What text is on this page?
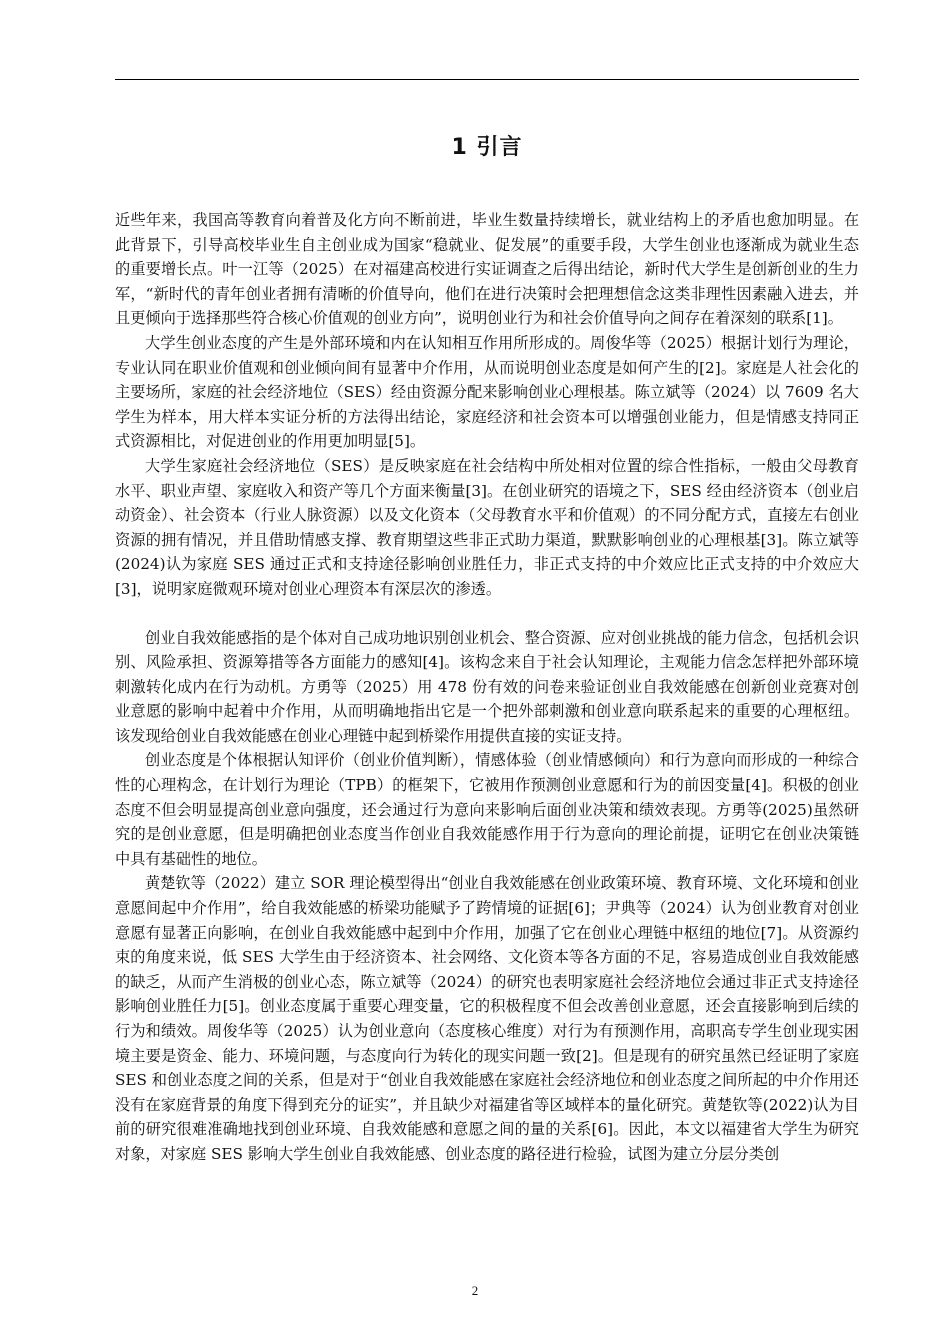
1 引言

近些年来，我国高等教育向着普及化方向不断前进，毕业生数量持续增长，就业结构上的矛盾也愈加明显。在此背景下，引导高校毕业生自主创业成为国家“稳就业、促发展”的重要手段，大学生创业也逐渐成为就业生态的重要增长点。叶一江等（2025）在对福建高校进行实证调查之后得出结论，新时代大学生是创新创业的生力军，“新时代的青年创业者拥有清晰的价值导向，他们在进行决策时会把理想信念这类非理性因素融入进去，并且更倾向于选择那些符合核心价值观的创业方向”，说明创业行为和社会价值导向之间存在着深刻的联系[1]。

大学生创业态度的产生是外部环境和内在认知相互作用所形成的。周俊华等（2025）根据计划行为理论，专业认同在职业价值观和创业倾向间有显著中介作用，从而说明创业态度是如何产生的[2]。家庭是人社会化的主要场所，家庭的社会经济地位（SES）经由资源分配来影响创业心理根基。陈立斌等（2024）以 7609 名大学生为样本，用大样本实证分析的方法得出结论，家庭经济和社会资本可以增强创业能力，但是情感支持同正式资源相比，对促进创业的作用更加明显[5]。

大学生家庭社会经济地位（SES）是反映家庭在社会结构中所处相对位置的综合性指标，一般由父母教育水平、职业声望、家庭收入和资产等几个方面来衡量[3]。在创业研究的语境之下，SES 经由经济资本（创业启动资金）、社会资本（行业人脉资源）以及文化资本（父母教育水平和价值观）的不同分配方式，直接左右创业资源的拥有情况，并且借助情感支撑、教育期望这些非正式助力渠道，默默影响创业的心理根基[3]。陈立斌等(2024)认为家庭 SES 通过正式和支持途径影响创业胜任力，非正式支持的中介效应比正式支持的中介效应大[3]，说明家庭微观环境对创业心理资本有深层次的渗透。

创业自我效能感指的是个体对自己成功地识别创业机会、整合资源、应对创业挑战的能力信念，包括机会识别、风险承担、资源筹措等各方面能力的感知[4]。该构念来自于社会认知理论，主观能力信念怎样把外部环境刺激转化成内在行为动机。方勇等（2025）用 478 份有效的问卷来验证创业自我效能感在创新创业竞赛对创业意愿的影响中起着中介作用，从而明确地指出它是一个把外部刺激和创业意向联系起来的重要的心理枢纽。该发现给创业自我效能感在创业心理链中起到桥梁作用提供直接的实证支持。

创业态度是个体根据认知评价（创业价值判断），情感体验（创业情感倾向）和行为意向而形成的一种综合性的心理构念，在计划行为理论（TPB）的框架下，它被用作预测创业意愿和行为的前因变量[4]。积极的创业态度不但会明显提高创业意向强度，还会通过行为意向来影响后面创业决策和绩效表现。方勇等(2025)虽然研究的是创业意愿，但是明确把创业态度当作创业自我效能感作用于行为意向的理论前提，证明它在创业决策链中具有基础性的地位。

黄楚钦等（2022）建立 SOR 理论模型得出“创业自我效能感在创业政策环境、教育环境、文化环境和创业意愿间起中介作用”，给自我效能感的桥梁功能赋予了跨情境的证据[6]；尹典等（2024）认为创业教育对创业意愿有显著正向影响，在创业自我效能感中起到中介作用，加强了它在创业心理链中枢纽的地位[7]。从资源约束的角度来说，低 SES 大学生由于经济资本、社会网络、文化资本等各方面的不足，容易造成创业自我效能感的缺乏，从而产生消极的创业心态，陈立斌等（2024）的研究也表明家庭社会经济地位会通过非正式支持途径影响创业胜任力[5]。创业态度属于重要心理变量，它的积极程度不但会改善创业意愿，还会直接影响到后续的行为和绩效。周俊华等（2025）认为创业意向（态度核心维度）对行为有预测作用，高职高专学生创业现实困境主要是资金、能力、环境问题，与态度向行为转化的现实问题一致[2]。但是现有的研究虽然已经证明了家庭 SES 和创业态度之间的关系，但是对于“创业自我效能感在家庭社会经济地位和创业态度之间所起的中介作用还没有在家庭背景的角度下得到充分的证实”，并且缺少对福建省等区域样本的量化研究。黄楚钦等(2022)认为目前的研究很难准确地找到创业环境、自我效能感和意愿之间的量的关系[6]。因此，本文以福建省大学生为研究对象，对家庭 SES 影响大学生创业自我效能感、创业态度的路径进行检验，试图为建立分层分类创

2
